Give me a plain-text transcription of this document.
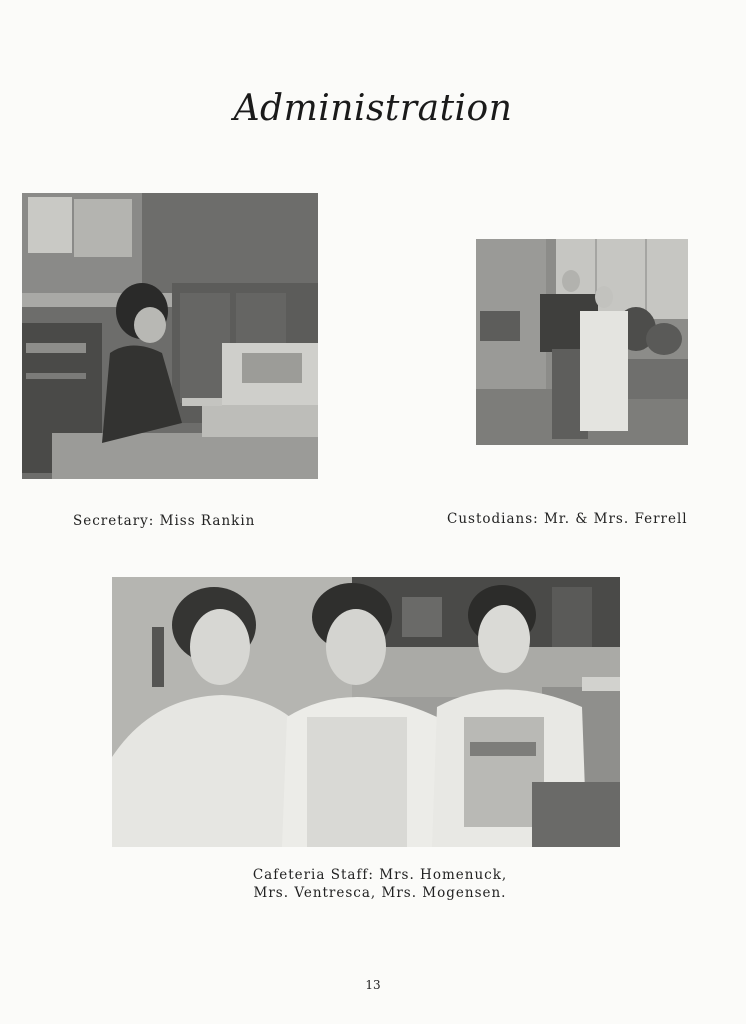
Administration
Secretary: Miss Rankin	Custodians: Mr. & Mrs. Ferrell
Cafeteria Staff: Mrs. Homenuck,
Mrs. Ventresca, Mrs. Mogensen.
13
